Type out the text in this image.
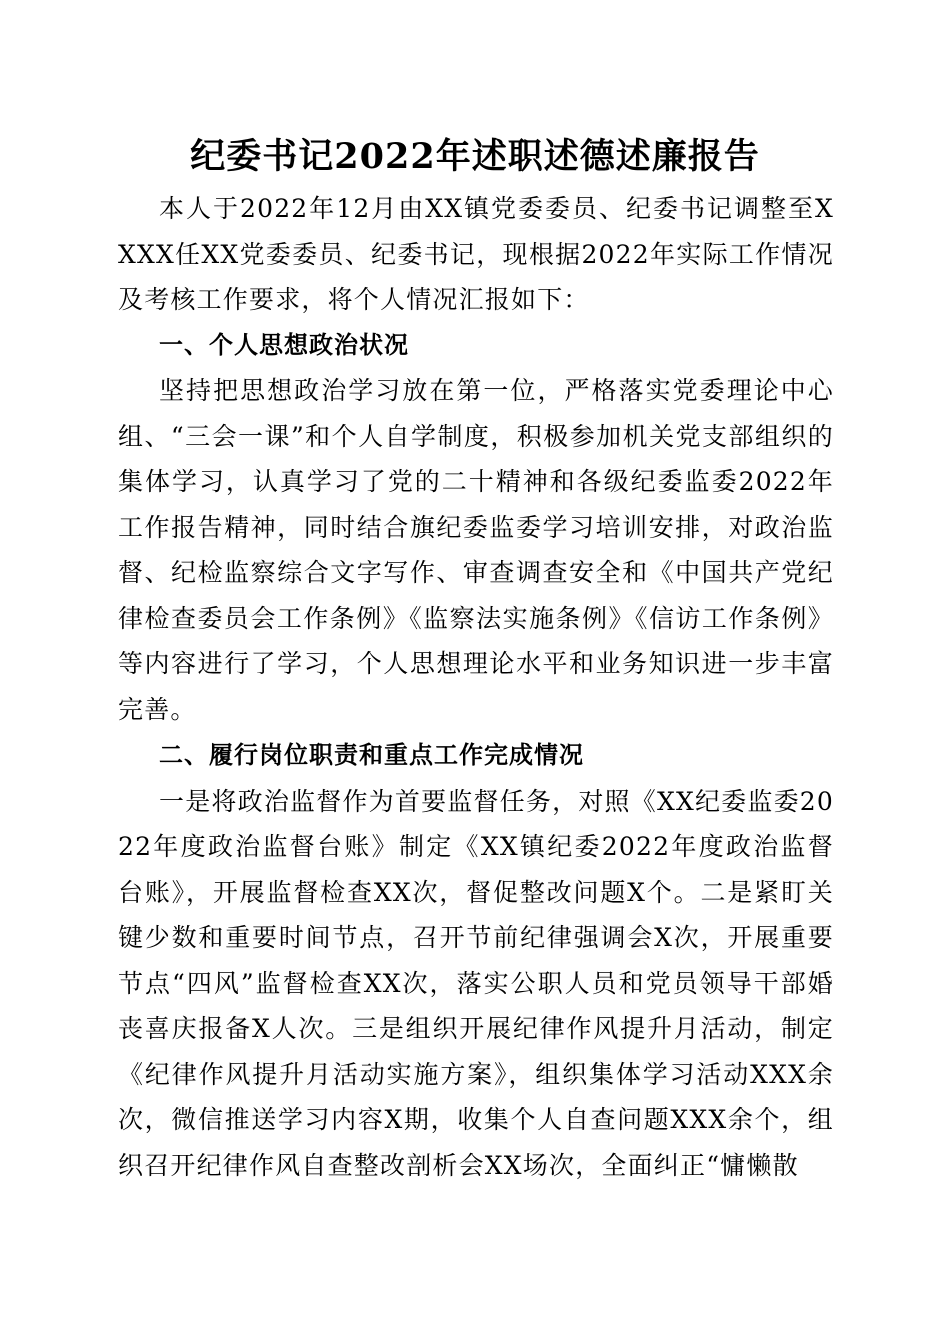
纪委书记2022年述职述德述廉报告

本人于2022年12月由XX镇党委委员、纪委书记调整至XXXX任XX党委委员、纪委书记，现根据2022年实际工作情况及考核工作要求，将个人情况汇报如下：

一、个人思想政治状况

坚持把思想政治学习放在第一位，严格落实党委理论中心组、“三会一课”和个人自学制度，积极参加机关党支部组织的集体学习，认真学习了党的二十精神和各级纪委监委2022年工作报告精神，同时结合旗纪委监委学习培训安排，对政治监督、纪检监察综合文字写作、审查调查安全和《中国共产党纪律检查委员会工作条例》《监察法实施条例》《信访工作条例》等内容进行了学习，个人思想理论水平和业务知识进一步丰富完善。

二、履行岗位职责和重点工作完成情况

一是将政治监督作为首要监督任务，对照《XX纪委监委2022年度政治监督台账》制定《XX镇纪委2022年度政治监督台账》，开展监督检查XX次，督促整改问题X个。二是紧盯关键少数和重要时间节点，召开节前纪律强调会X次，开展重要节点“四风”监督检查XX次，落实公职人员和党员领导干部婚丧喜庆报备X人次。三是组织开展纪律作风提升月活动，制定《纪律作风提升月活动实施方案》，组织集体学习活动XXX余次，微信推送学习内容X期，收集个人自查问题XXX余个，组织召开纪律作风自查整改剖析会XX场次，全面纠正“慵懒散
